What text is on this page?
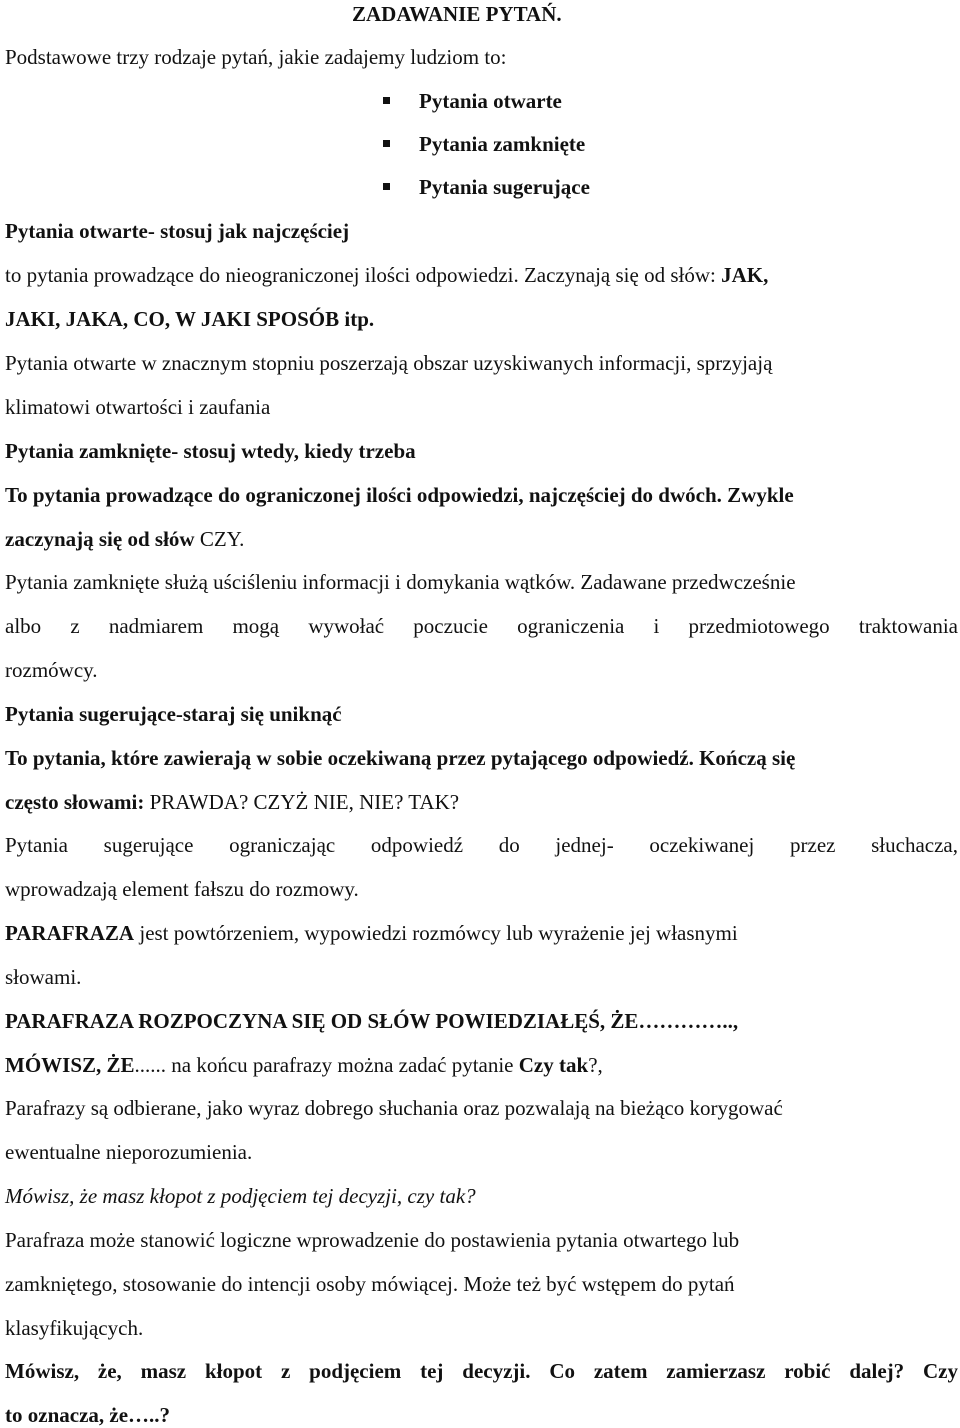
ZADAWANIE PYTAŃ.

Podstawowe trzy rodzaje pytań, jakie zadajemy ludziom to:

Pytania otwarte
Pytania zamknięte
Pytania sugerujące

Pytania otwarte- stosuj jak najczęściej

to pytania prowadzące do nieograniczonej ilości odpowiedzi. Zaczynają się od słów: JAK,

JAKI, JAKA, CO, W JAKI SPOSÓB itp.

Pytania otwarte w znacznym stopniu poszerzają obszar uzyskiwanych informacji, sprzyjają

klimatowi otwartości i zaufania

Pytania zamknięte- stosuj wtedy, kiedy trzeba

To pytania prowadzące do ograniczonej ilości odpowiedzi, najczęściej do dwóch. Zwykle

zaczynają się od słów CZY.

Pytania zamknięte służą uściśleniu informacji i domykania wątków. Zadawane przedwcześnie

albo z nadmiarem mogą wywołać poczucie ograniczenia i przedmiotowego traktowania

rozmówcy.

Pytania sugerujące-staraj się uniknąć

To pytania, które zawierają w sobie oczekiwaną przez pytającego odpowiedź. Kończą się

często słowami: PRAWDA? CZYŻ NIE, NIE? TAK?

Pytania sugerujące ograniczając odpowiedź do jednej- oczekiwanej przez słuchacza,

wprowadzają element fałszu do rozmowy.

PARAFRAZA jest powtórzeniem, wypowiedzi rozmówcy lub wyrażenie jej własnymi

słowami.

PARAFRAZA ROZPOCZYNA SIĘ OD SŁÓW POWIEDZIAŁĘŚ, ŻE…………..,

MÓWISZ, ŻE...... na końcu parafrazy można zadać pytanie Czy tak?,

Parafrazy są odbierane, jako wyraz dobrego słuchania oraz pozwalają na bieżąco korygować

ewentualne nieporozumienia.

Mówisz, że masz kłopot z podjęciem tej decyzji, czy tak?

Parafraza może stanowić logiczne wprowadzenie do postawienia pytania otwartego lub

zamkniętego, stosowanie do intencji osoby mówiącej. Może też być wstępem do pytań

klasyfikujących.

Mówisz, że, masz kłopot z podjęciem tej decyzji. Co zatem zamierzasz robić dalej? Czy

to oznacza, że…..?
